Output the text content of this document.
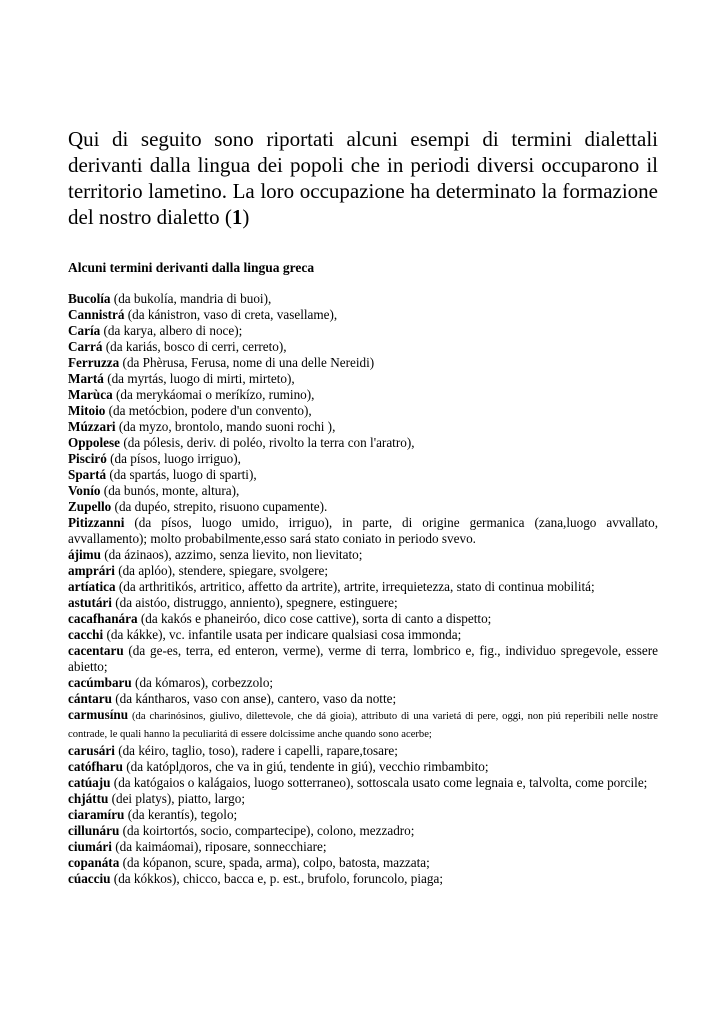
Qui di seguito sono riportati alcuni esempi di termini dialettali derivanti dalla lingua dei popoli che in periodi diversi occuparono il territorio lametino. La loro occupazione ha determinato la formazione del nostro dialetto (1)

Alcuni termini derivanti dalla lingua greca
Bucolía (da bukolía, mandria di buoi),
Cannistrá (da kánistron, vaso di creta, vasellame),
Caría (da karya, albero di noce);
Carrá (da kariás, bosco di cerri, cerreto),
Ferruzza (da Phèrusa, Ferusa, nome di una delle Nereidi)
Martá (da myrtás, luogo di mirti, mirteto),
Marùca (da merykáomai o meríkízo, rumino),
Mitoio (da metócbion, podere d'un convento),
Múzzari (da myzo, brontolo, mando suoni rochi ),
Oppolese (da pólesis, deriv. di poléo, rivolto la terra con l'aratro),
Pisciró (da písos, luogo irriguo),
Spartá (da spartás, luogo di sparti),
Vonío (da bunós, monte, altura),
Zupello (da dupéo, strepito, risuono cupamente).
Pitizzanni (da písos, luogo umido, irriguo), in parte, di origine germanica (zana,luogo avvallato, avvallamento); molto probabilmente,esso sará stato coniato in periodo svevo.
ájimu (da ázinaos), azzimo, senza lievito, non lievitato;
amprári (da aplóo), stendere, spiegare, svolgere;
artíatica (da arthritikós, artritico, affetto da artrite), artrite, irrequietezza, stato di continua mobilitá;
astutári (da aistóo, distruggo, anniento), spegnere, estinguere;
cacafhanára (da kakós e phaneiróo, dico cose cattive), sorta di canto a dispetto;
cacchi (da kákke), vc. infantile usata per indicare qualsiasi cosa immonda;
cacentaru (da ge-es, terra, ed enteron, verme), verme di terra, lombrico e, fig., individuo spregevole, essere abietto;
cacúmbaru (da kómaros), corbezzolo;
cántaru (da kántharos, vaso con anse), cantero, vaso da notte;
carmusínu (da charinósinos, giulivo, dilettevole, che dá gioia), attributo di una varietá di pere, oggi, non piú reperibili nelle nostre contrade, le quali hanno la peculiaritá di essere dolcissime anche quando sono acerbe;
carusári (da kéiro, taglio, toso), radere i capelli, rapare,tosare;
catófharu (da katóplдoros, che va in giú, tendente in giú), vecchio rimbambito;
catúaju (da katógaios o kalágaios, luogo sotterraneo), sottoscala usato come legnaia e, talvolta, come porcile;
chjáttu (dei platys), piatto, largo;
ciaramíru (da kerantís), tegolo;
cillunáru (da koirtortós, socio, compartecipe), colono, mezzadro;
ciumári (da kaimáomai), riposare, sonnecchiare;
copanáta (da kópanon, scure, spada, arma), colpo, batosta, mazzata;
cúacciu (da kókkos), chicco, bacca e, p. est., brufolo, foruncolo, piaga;
